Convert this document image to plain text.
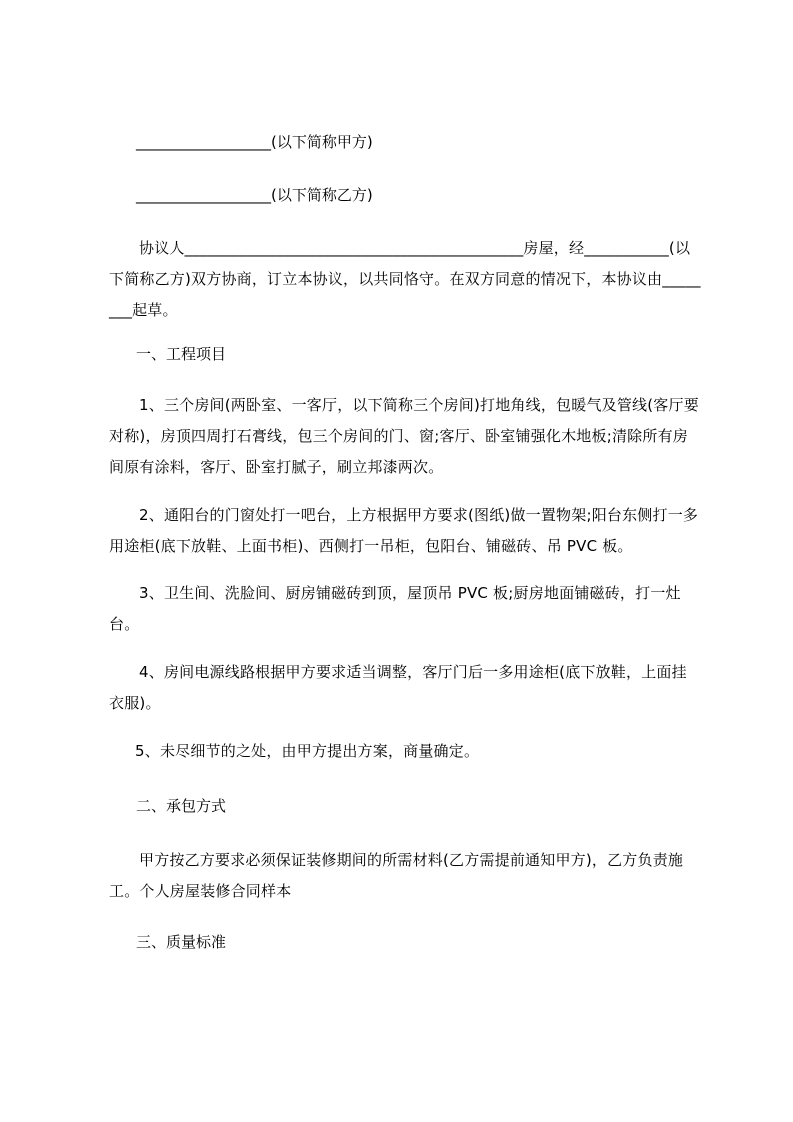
__________________(以下简称甲方)
__________________(以下简称乙方)

协议人____________________________________________房屋，经___________(以下简称乙方)双方协商，订立本协议，以共同恪守。在双方同意的情况下，本协议由________起草。

一、工程项目

1、三个房间(两卧室、一客厅，以下简称三个房间)打地角线，包暖气及管线(客厅要对称)，房顶四周打石膏线，包三个房间的门、窗;客厅、卧室铺强化木地板;清除所有房间原有涂料，客厅、卧室打腻子，刷立邦漆两次。

2、通阳台的门窗处打一吧台，上方根据甲方要求(图纸)做一置物架;阳台东侧打一多用途柜(底下放鞋、上面书柜)、西侧打一吊柜，包阳台、铺磁砖、吊 PVC 板。

3、卫生间、洗脸间、厨房铺磁砖到顶，屋顶吊 PVC 板;厨房地面铺磁砖，打一灶台。

4、房间电源线路根据甲方要求适当调整，客厅门后一多用途柜(底下放鞋，上面挂衣服)。

5、未尽细节的之处，由甲方提出方案，商量确定。

二、承包方式

甲方按乙方要求必须保证装修期间的所需材料(乙方需提前通知甲方)，乙方负责施工。个人房屋装修合同样本

三、质量标准
